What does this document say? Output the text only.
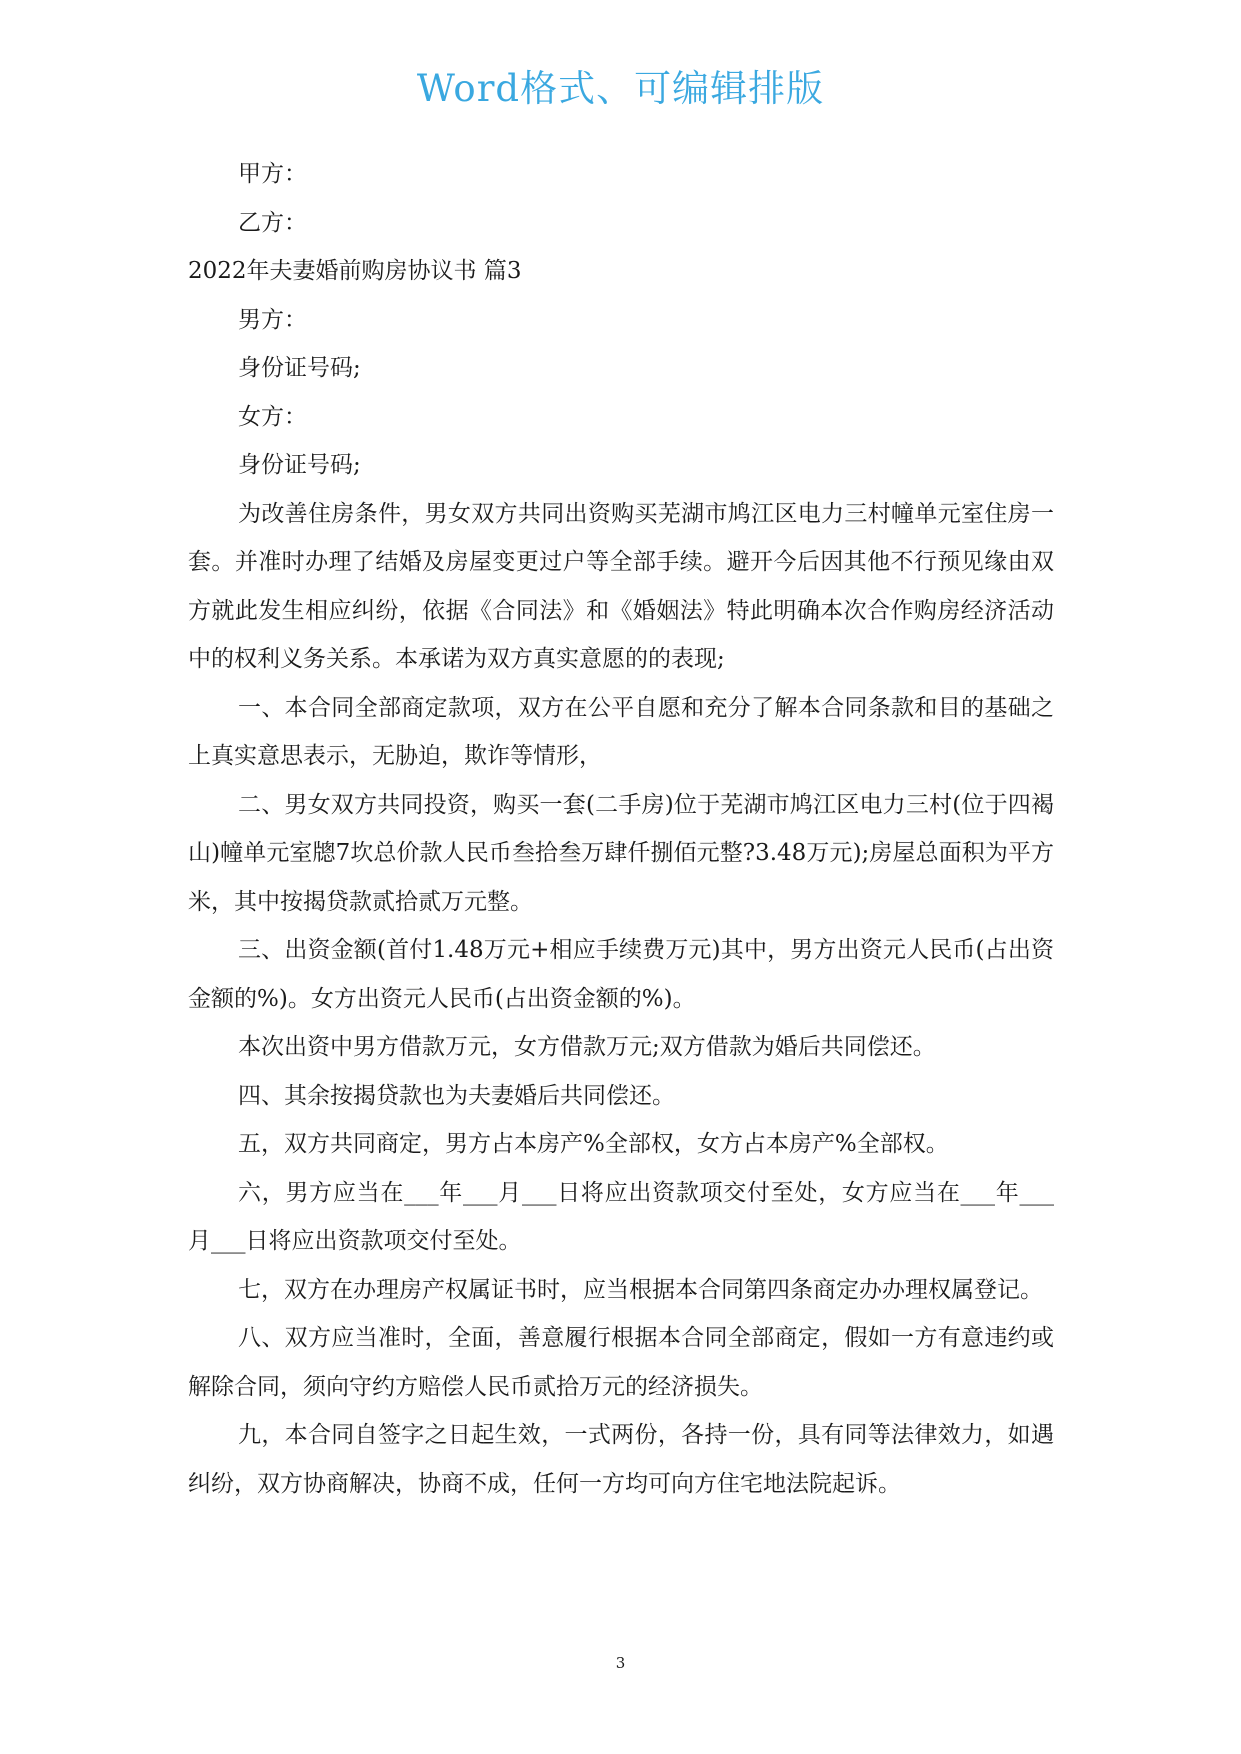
Word格式、可编辑排版

甲方：

乙方：

2022年夫妻婚前购房协议书 篇3

男方：

身份证号码;

女方：

身份证号码;

为改善住房条件，男女双方共同出资购买芜湖市鸠江区电力三村幢单元室住房一套。并准时办理了结婚及房屋变更过户等全部手续。避开今后因其他不行预见缘由双方就此发生相应纠纷，依据《合同法》和《婚姻法》特此明确本次合作购房经济活动中的权利义务关系。本承诺为双方真实意愿的的表现;

一、本合同全部商定款项，双方在公平自愿和充分了解本合同条款和目的基础之上真实意思表示，无胁迫，欺诈等情形，

二、男女双方共同投资，购买一套(二手房)位于芜湖市鸠江区电力三村(位于四褐山)幢单元室牕7坎总价款人民币叁拾叁万肆仟捌佰元整?3.48万元);房屋总面积为平方米，其中按揭贷款贰拾贰万元整。

三、出资金额(首付1.48万元+相应手续费万元)其中，男方出资元人民币(占出资金额的%)。女方出资元人民币(占出资金额的%)。

本次出资中男方借款万元，女方借款万元;双方借款为婚后共同偿还。

四、其余按揭贷款也为夫妻婚后共同偿还。

五，双方共同商定，男方占本房产%全部权，女方占本房产%全部权。

六，男方应当在___年___月___日将应出资款项交付至处，女方应当在___年___月___日将应出资款项交付至处。

七，双方在办理房产权属证书时，应当根据本合同第四条商定办办理权属登记。

八、双方应当准时，全面，善意履行根据本合同全部商定，假如一方有意违约或解除合同，须向守约方赔偿人民币贰拾万元的经济损失。

九，本合同自签字之日起生效，一式两份，各持一份，具有同等法律效力，如遇纠纷，双方协商解决，协商不成，任何一方均可向方住宅地法院起诉。

3
